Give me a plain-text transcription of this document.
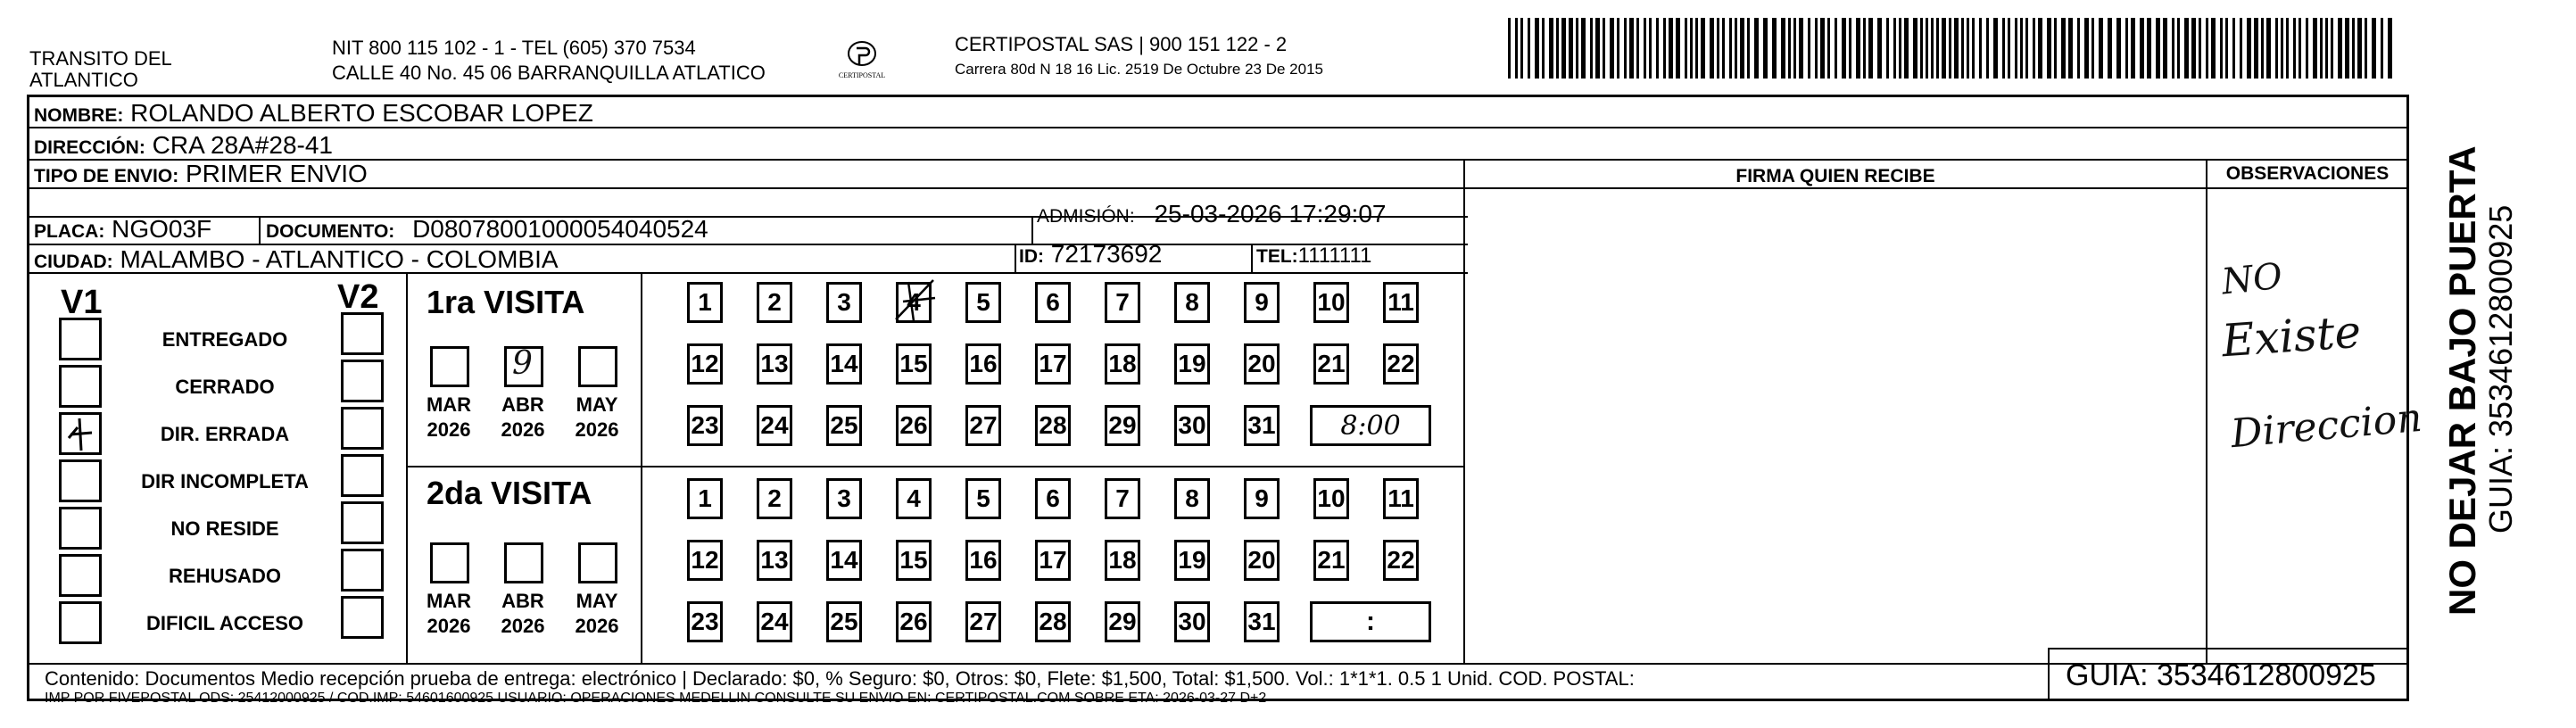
TRANSITO DEL
ATLANTICO
NIT 800 115 102 - 1 - TEL (605) 370 7534
CALLE 40 No. 45 06 BARRANQUILLA ATLATICO	CERTIPOSTAL
CERTIPOSTAL SAS | 900 151 122 - 2
Carrera 80d N 18 16 Lic. 2519 De Octubre 23 De 2015
NOMBRE: ROLANDO ALBERTO ESCOBAR LOPEZ
DIRECCIÓN: CRA 28A#28-41
TIPO DE ENVIO: PRIMER ENVIO
PLACA: NGO03F	DOCUMENTO: D08078001000054040524	ADMISIÓN: 25-03-2026 17:29:07
CIUDAD: MALAMBO - ATLANTICO - COLOMBIA	ID: 72173692	TEL:1111111
FIRMA QUIEN RECIBE	OBSERVACIONES
V1	V2
ENTREGADO
CERRADO
DIR. ERRADA
DIR INCOMPLETA
NO RESIDE
REHUSADO
DIFICIL ACCESO
1ra VISITA
MAR
2026
9
ABR
2026
MAY
2026
1	2	3	4	5	6	7	8	9	10 11
12 13 14 15 16 17 18 19 20 21 22
23 24 25 26 27 28 29 30 31 8:00
2da VISITA
MAR
2026
ABR
2026
MAY
2026
1	2	3	4	5	6	7	8	9	10 11
12 13 14 15 16 17 18 19 20 21 22
23 24 25 26 27 28 29 30 31	:
NO
Existe
Direccion NO DEJAR BAJO PUERTA GUIA: 3534612800925
Contenido: Documentos Medio recepción prueba de entrega: electrónico | Declarado: $0, % Seguro: $0, Otros: $0, Flete: $1,500, Total: $1,500. Vol.: 1*1*1. 0.5 1 Unid. COD. POSTAL:
IMP POR FIVEPOSTAL ODS: 25412000925 / COD.IMP: 54601600925 USUARIO: OPERACIONES MEDELLIN CONSULTE SU ENVIO EN: CERTIPOSTAL.COM SOBRE ETA: 2026-03-27 D+2
GUIA: 3534612800925
